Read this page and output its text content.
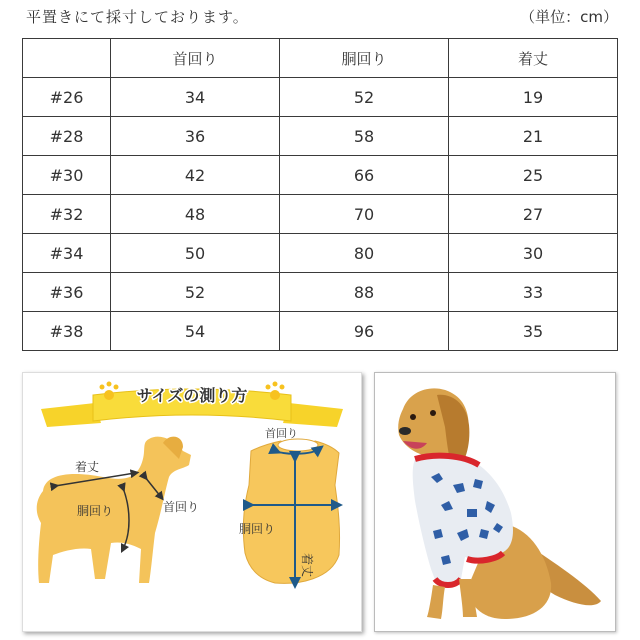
平置きにて採寸しております。	（単位：cm）
	首回り	胴回り	着丈
#26	34	52	19
#28	36	58	21
#30	42	66	25
#32	48	70	27
#34	50	80	30
#36	52	88	33
#38	54	96	35
サイズの測り方
着丈
胴回り	首回り
首回り
胴回り
着丈
